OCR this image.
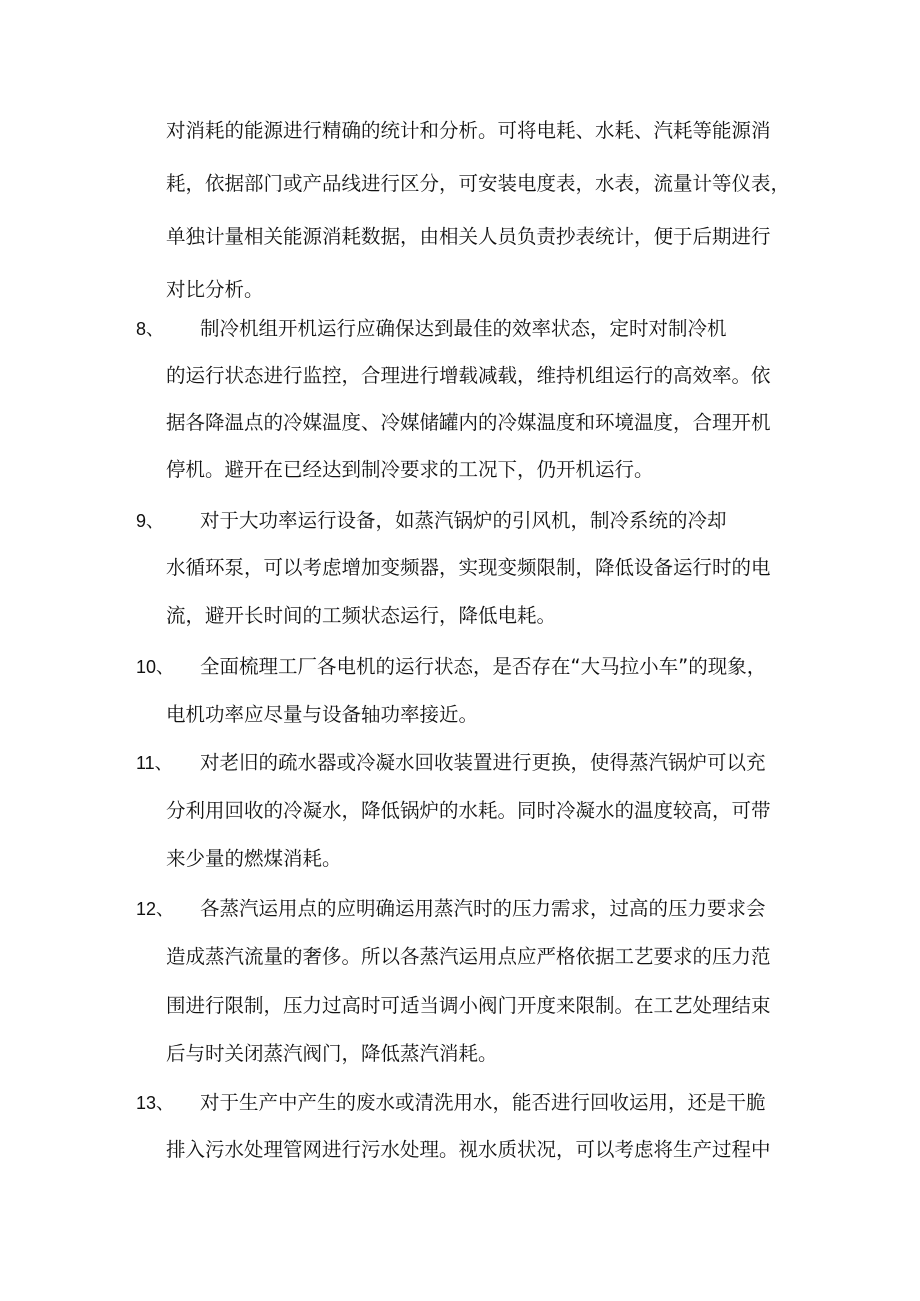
对消耗的能源进行精确的统计和分析。可将电耗、水耗、汽耗等能源消
耗，依据部门或产品线进行区分，可安装电度表，水表，流量计等仪表，
单独计量相关能源消耗数据，由相关人员负责抄表统计，便于后期进行
对比分析。
8、 制冷机组开机运行应确保达到最佳的效率状态，定时对制冷机
的运行状态进行监控，合理进行增载减载，维持机组运行的高效率。依
据各降温点的冷媒温度、冷媒储罐内的冷媒温度和环境温度，合理开机
停机。避开在已经达到制冷要求的工况下，仍开机运行。
9、 对于大功率运行设备，如蒸汽锅炉的引风机，制冷系统的冷却
水循环泵，可以考虑增加变频器，实现变频限制，降低设备运行时的电
流，避开长时间的工频状态运行，降低电耗。
10、 全面梳理工厂各电机的运行状态，是否存在“大马拉小车”的现象，
电机功率应尽量与设备轴功率接近。
11、 对老旧的疏水器或冷凝水回收装置进行更换，使得蒸汽锅炉可以充
分利用回收的冷凝水，降低锅炉的水耗。同时冷凝水的温度较高，可带
来少量的燃煤消耗。
12、 各蒸汽运用点的应明确运用蒸汽时的压力需求，过高的压力要求会
造成蒸汽流量的奢侈。所以各蒸汽运用点应严格依据工艺要求的压力范
围进行限制，压力过高时可适当调小阀门开度来限制。在工艺处理结束
后与时关闭蒸汽阀门，降低蒸汽消耗。
13、 对于生产中产生的废水或清洗用水，能否进行回收运用，还是干脆
排入污水处理管网进行污水处理。视水质状况，可以考虑将生产过程中
